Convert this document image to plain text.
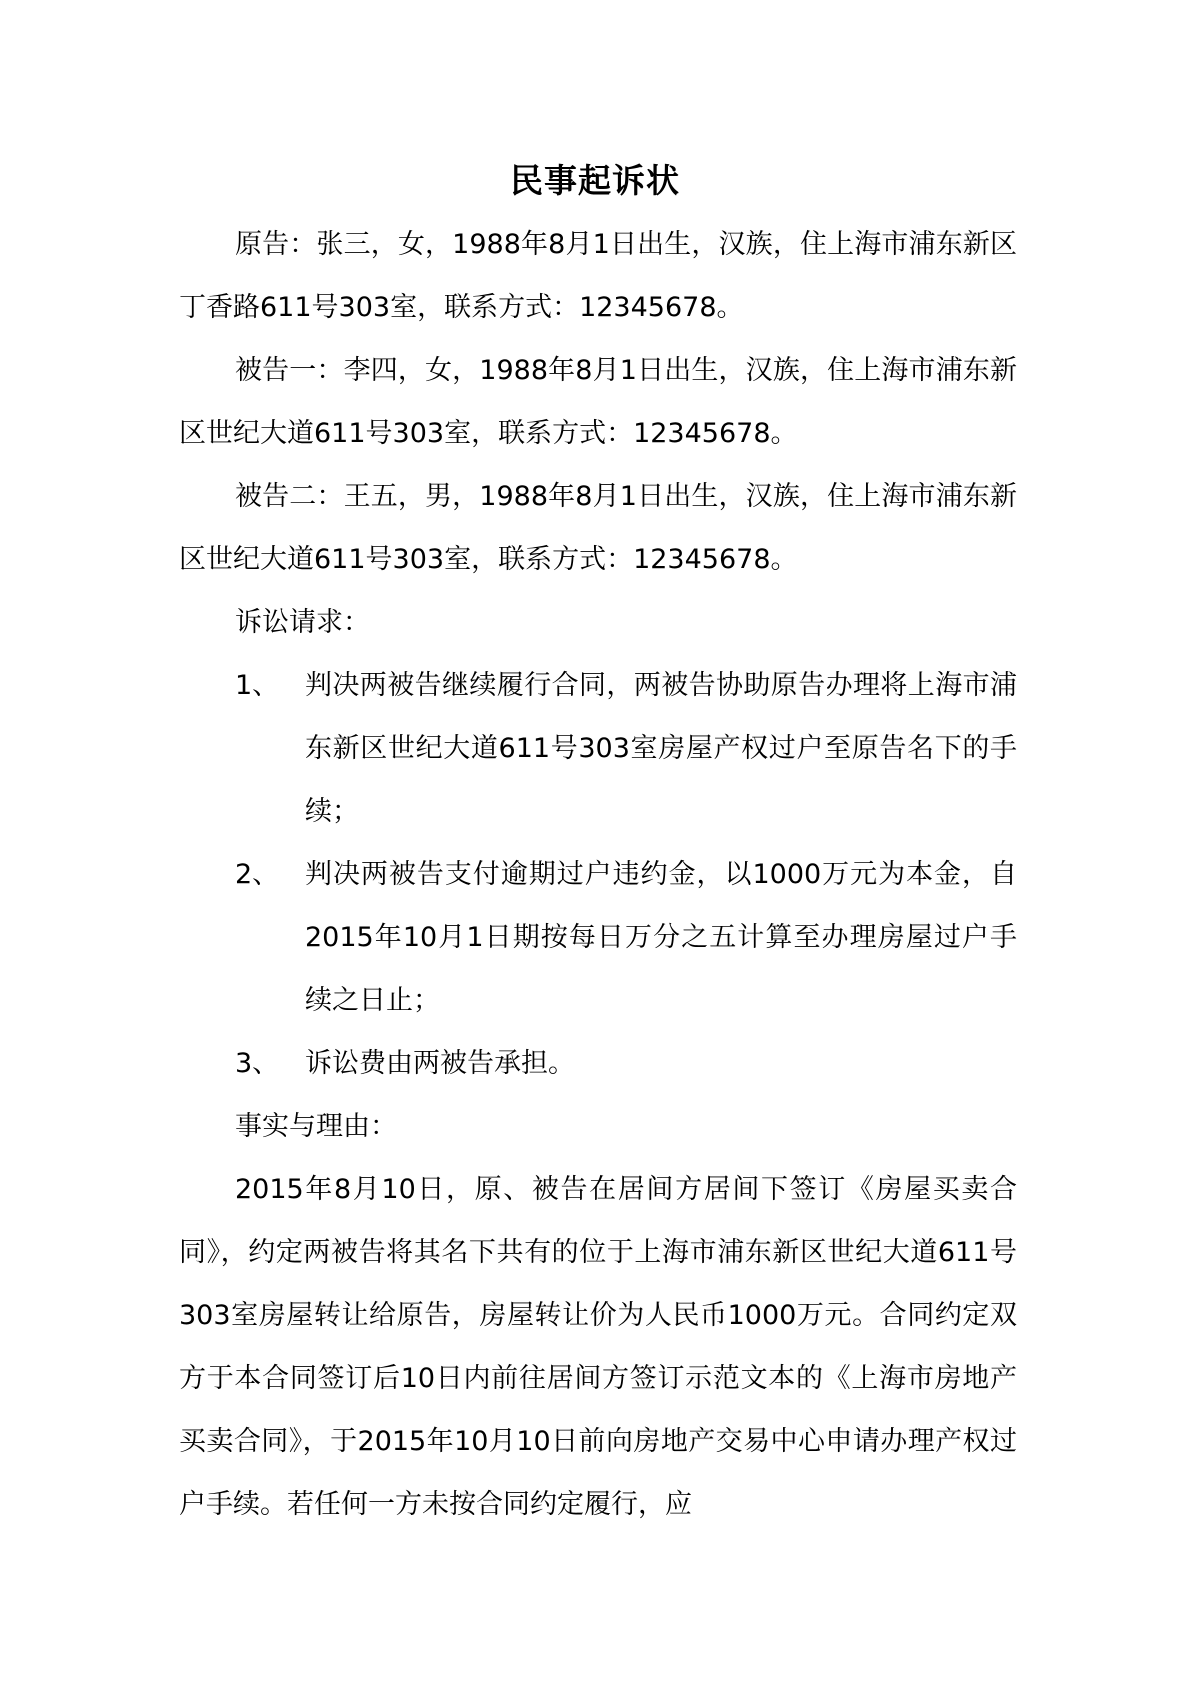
民事起诉状

原告：张三，女，1988年8月1日出生，汉族，住上海市浦东新区丁香路611号303室，联系方式：12345678。

被告一：李四，女，1988年8月1日出生，汉族，住上海市浦东新区世纪大道611号303室，联系方式：12345678。

被告二：王五，男，1988年8月1日出生，汉族，住上海市浦东新区世纪大道611号303室，联系方式：12345678。

诉讼请求：

1、 判决两被告继续履行合同，两被告协助原告办理将上海市浦东新区世纪大道611号303室房屋产权过户至原告名下的手续；
2、 判决两被告支付逾期过户违约金，以1000万元为本金，自2015年10月1日期按每日万分之五计算至办理房屋过户手续之日止；
3、 诉讼费由两被告承担。

事实与理由：

2015年8月10日，原、被告在居间方居间下签订《房屋买卖合同》，约定两被告将其名下共有的位于上海市浦东新区世纪大道611号303室房屋转让给原告，房屋转让价为人民币1000万元。合同约定双方于本合同签订后10日内前往居间方签订示范文本的《上海市房地产买卖合同》，于2015年10月10日前向房地产交易中心申请办理产权过户手续。若任何一方未按合同约定履行，应
